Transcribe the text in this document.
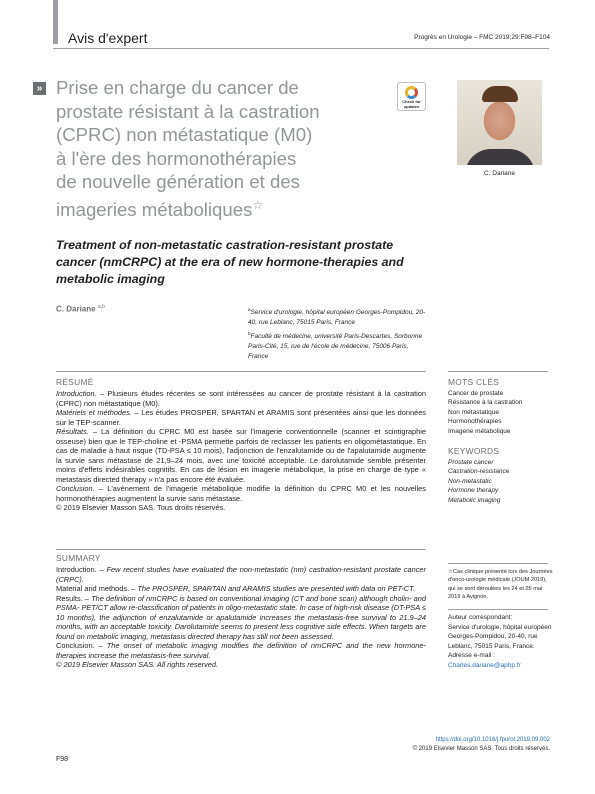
Avis d'expert	Progrès en Urologie – FMC 2019;29:F98–F104
» Prise en charge du cancer de
prostate résistant à la castration
(CPRC) non métastatique (M0)
à l'ère des hormonothérapies
de nouvelle génération et des
imageries métaboliques☆
Check for updates
C. Dariane
Treatment of non-metastatic castration-resistant prostate cancer (nmCRPC) at the era of new hormone-therapies and metabolic imaging
C. Dariane $^{a,b}$	$^a$Service d'urologie, hôpital européen Georges-Pompidou, 20-40, rue Leblanc, 75015 Paris, France

$^b$Faculté de médecine, université Paris-Descartes, Sorbonne Paris-Cité, 15, rue de l'école de médecine, 75006 Paris, France

RÉSUMÉ

Introduction. – Plusieurs études récentes se sont intéressées au cancer de prostate résistant à la castration (CPRC) non métastatique (M0).

Matériels et méthodes. – Les études PROSPER, SPARTAN et ARAMIS sont présentées ainsi que les données sur le TEP-scanner.

Résultats. – La définition du CPRC M0 est basée sur l'imagerie conventionnelle (scanner et scintigraphie osseuse) bien que le TEP-choline et -PSMA permette parfois de reclasser les patients en oligométastatique. En cas de maladie à haut risque (TD-PSA ≤ 10 mois), l'adjonction de l'enzalutamide ou de l'apalutamide augmente la survie sans métastase de 21,9–24 mois, avec une toxicité acceptable. Le darolutamide semble présenter moins d'effets indésirables cognitifs. En cas de lésion en imagerie métabolique, la prise en charge de type « metastasis directed therapy » n'a pas encore été évaluée.

Conclusion. – L'avènement de l'imagerie métabolique modifie la définition du CPRC M0 et les nouvelles hormonothérapies augmentent la survie sans métastase.

© 2019 Elsevier Masson SAS. Tous droits réservés.

MOTS CLÉS
Cancer de prostate
Résistance à la castration
Non métastatique
Hormonothérapies
Imagerie métabolique
KEYWORDS
Prostate cancer
Castration-resistance
Non-metastatic
Hormone therapy
Metabolic imaging
SUMMARY

Introduction. – Few recent studies have evaluated the non-metastatic (nm) castration-resistant prostate cancer (CRPC).

Material and methods. – The PROSPER, SPARTAN and ARAMIS studies are presented with data on PET-CT.

Results. – The definition of nmCRPC is based on conventional imaging (CT and bone scan) although cholin- and PSMA- PET/CT allow re-classification of patients in oligo-metastatic state. In case of high-risk disease (DT-PSA ≤ 10 months), the adjunction of enzalutamide or apalutamide increases the metastasis-free survival to 21.9–24 months, with an acceptable toxicity. Darolutamide seems to present less cognitive side effects. When targets are found on metabolic imaging, metastasis directed therapy has still not been assessed.

Conclusion. – The onset of metabolic imaging modifies the definition of nmCRPC and the new hormone-therapies increase the metastasis-free survival.

© 2019 Elsevier Masson SAS. All rights reserved.

☆Cas clinique présenté lors des Journées d'onco-urologie médicale (JOUM 2019), qui se sont déroulées les 24 et 25 mai 2019 à Avignon.
Auteur correspondant:
Service d'urologie, hôpital européen Georges-Pompidou, 20-40, rue Leblanc, 75015 Paris, France.
Adresse e-mail :
Charles.dariane@aphp.fr
https://doi.org/10.1016/j.fpurol.2019.09.002
© 2019 Elsevier Masson SAS. Tous droits réservés.
F98
